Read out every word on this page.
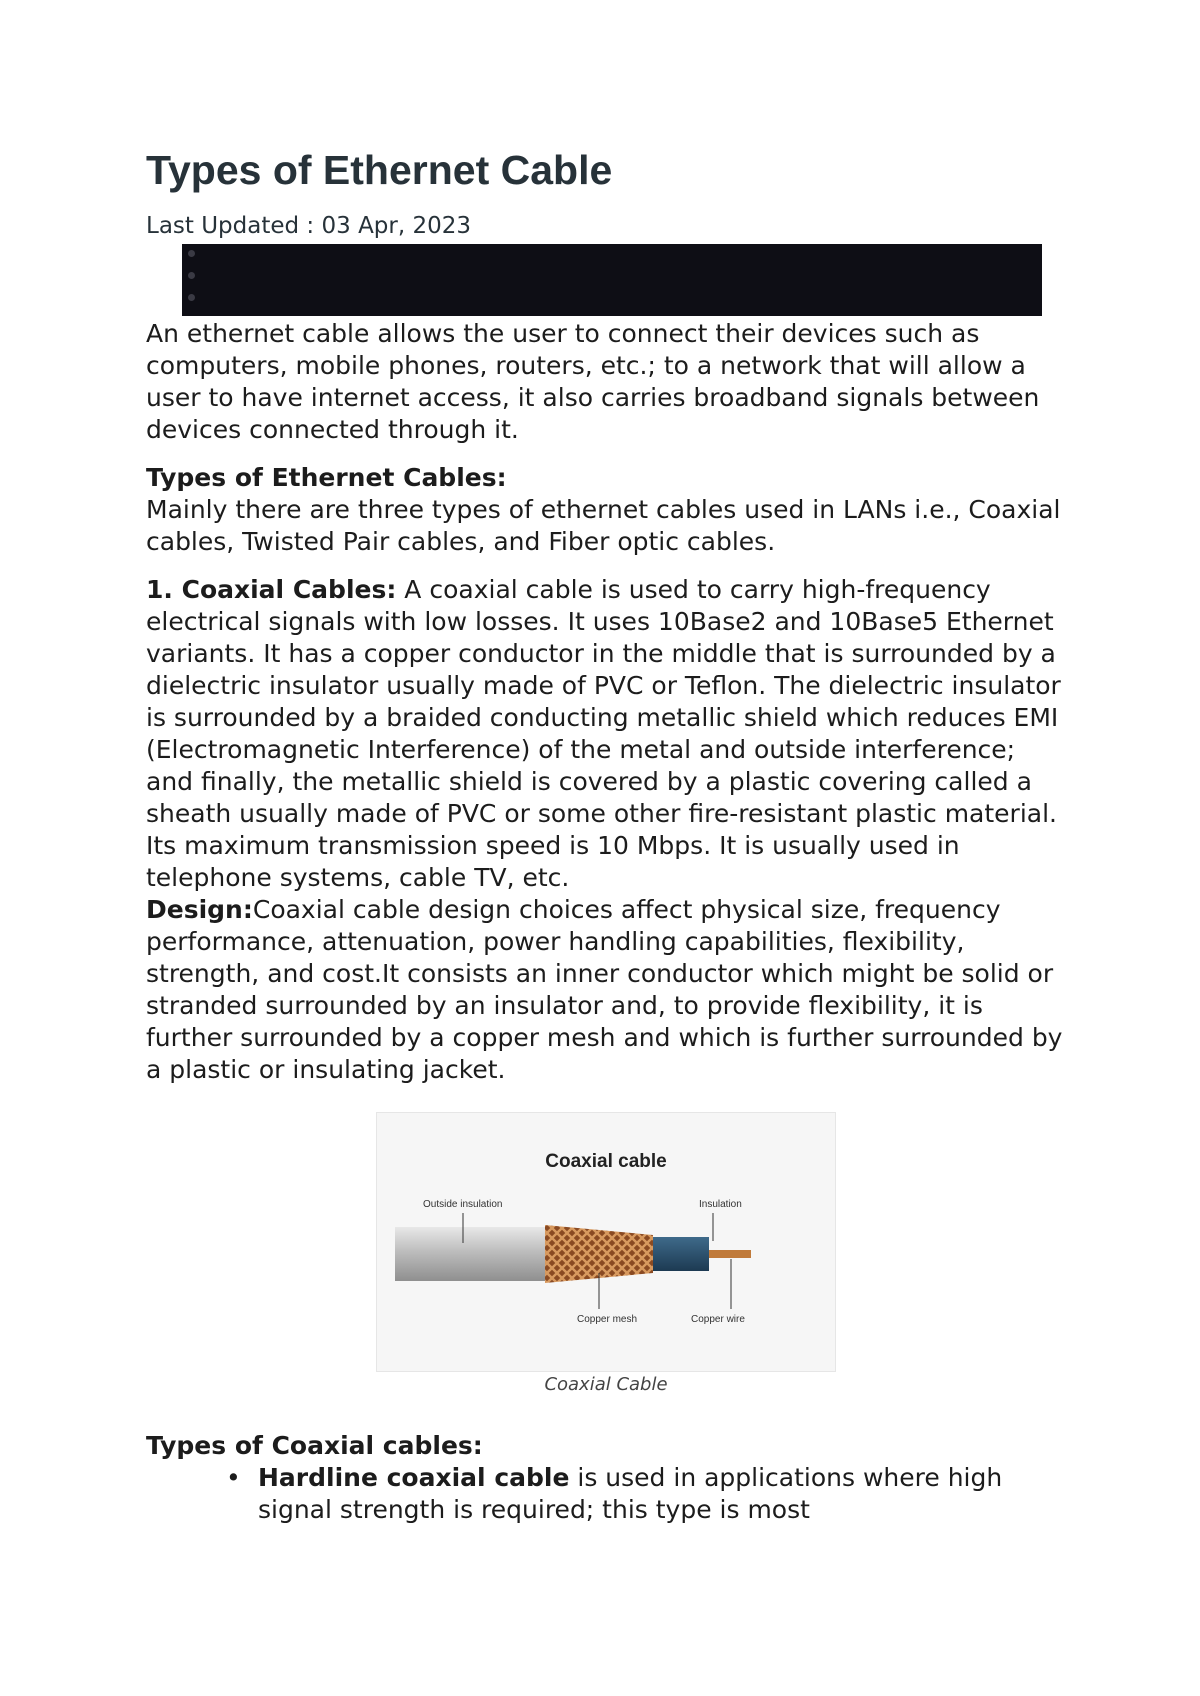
Types of Ethernet Cable
Last Updated : 03 Apr, 2023

An ethernet cable allows the user to connect their devices such as computers, mobile phones, routers, etc.; to a network that will allow a user to have internet access, it also carries broadband signals between devices connected through it.

Types of Ethernet Cables:

Mainly there are three types of ethernet cables used in LANs i.e., Coaxial cables, Twisted Pair cables, and Fiber optic cables.

1. Coaxial Cables: A coaxial cable is used to carry high-frequency electrical signals with low losses. It uses 10Base2 and 10Base5 Ethernet variants. It has a copper conductor in the middle that is surrounded by a dielectric insulator usually made of PVC or Teflon. The dielectric insulator is surrounded by a braided conducting metallic shield which reduces EMI (Electromagnetic Interference) of the metal and outside interference; and finally, the metallic shield is covered by a plastic covering called a sheath usually made of PVC or some other fire-resistant plastic material. Its maximum transmission speed is 10 Mbps. It is usually used in telephone systems, cable TV, etc.
Design:Coaxial cable design choices affect physical size, frequency performance, attenuation, power handling capabilities, flexibility, strength, and cost.It consists an inner conductor which might be solid or stranded surrounded by an insulator and, to provide flexibility, it is further surrounded by a copper mesh and which is further surrounded by a plastic or insulating jacket.

Coaxial cable
Outside insulation	Insulation
Copper mesh	Copper wire
Coaxial Cable
Types of Coaxial cables:
• Hardline coaxial cable is used in applications where high signal strength is required; this type is most
